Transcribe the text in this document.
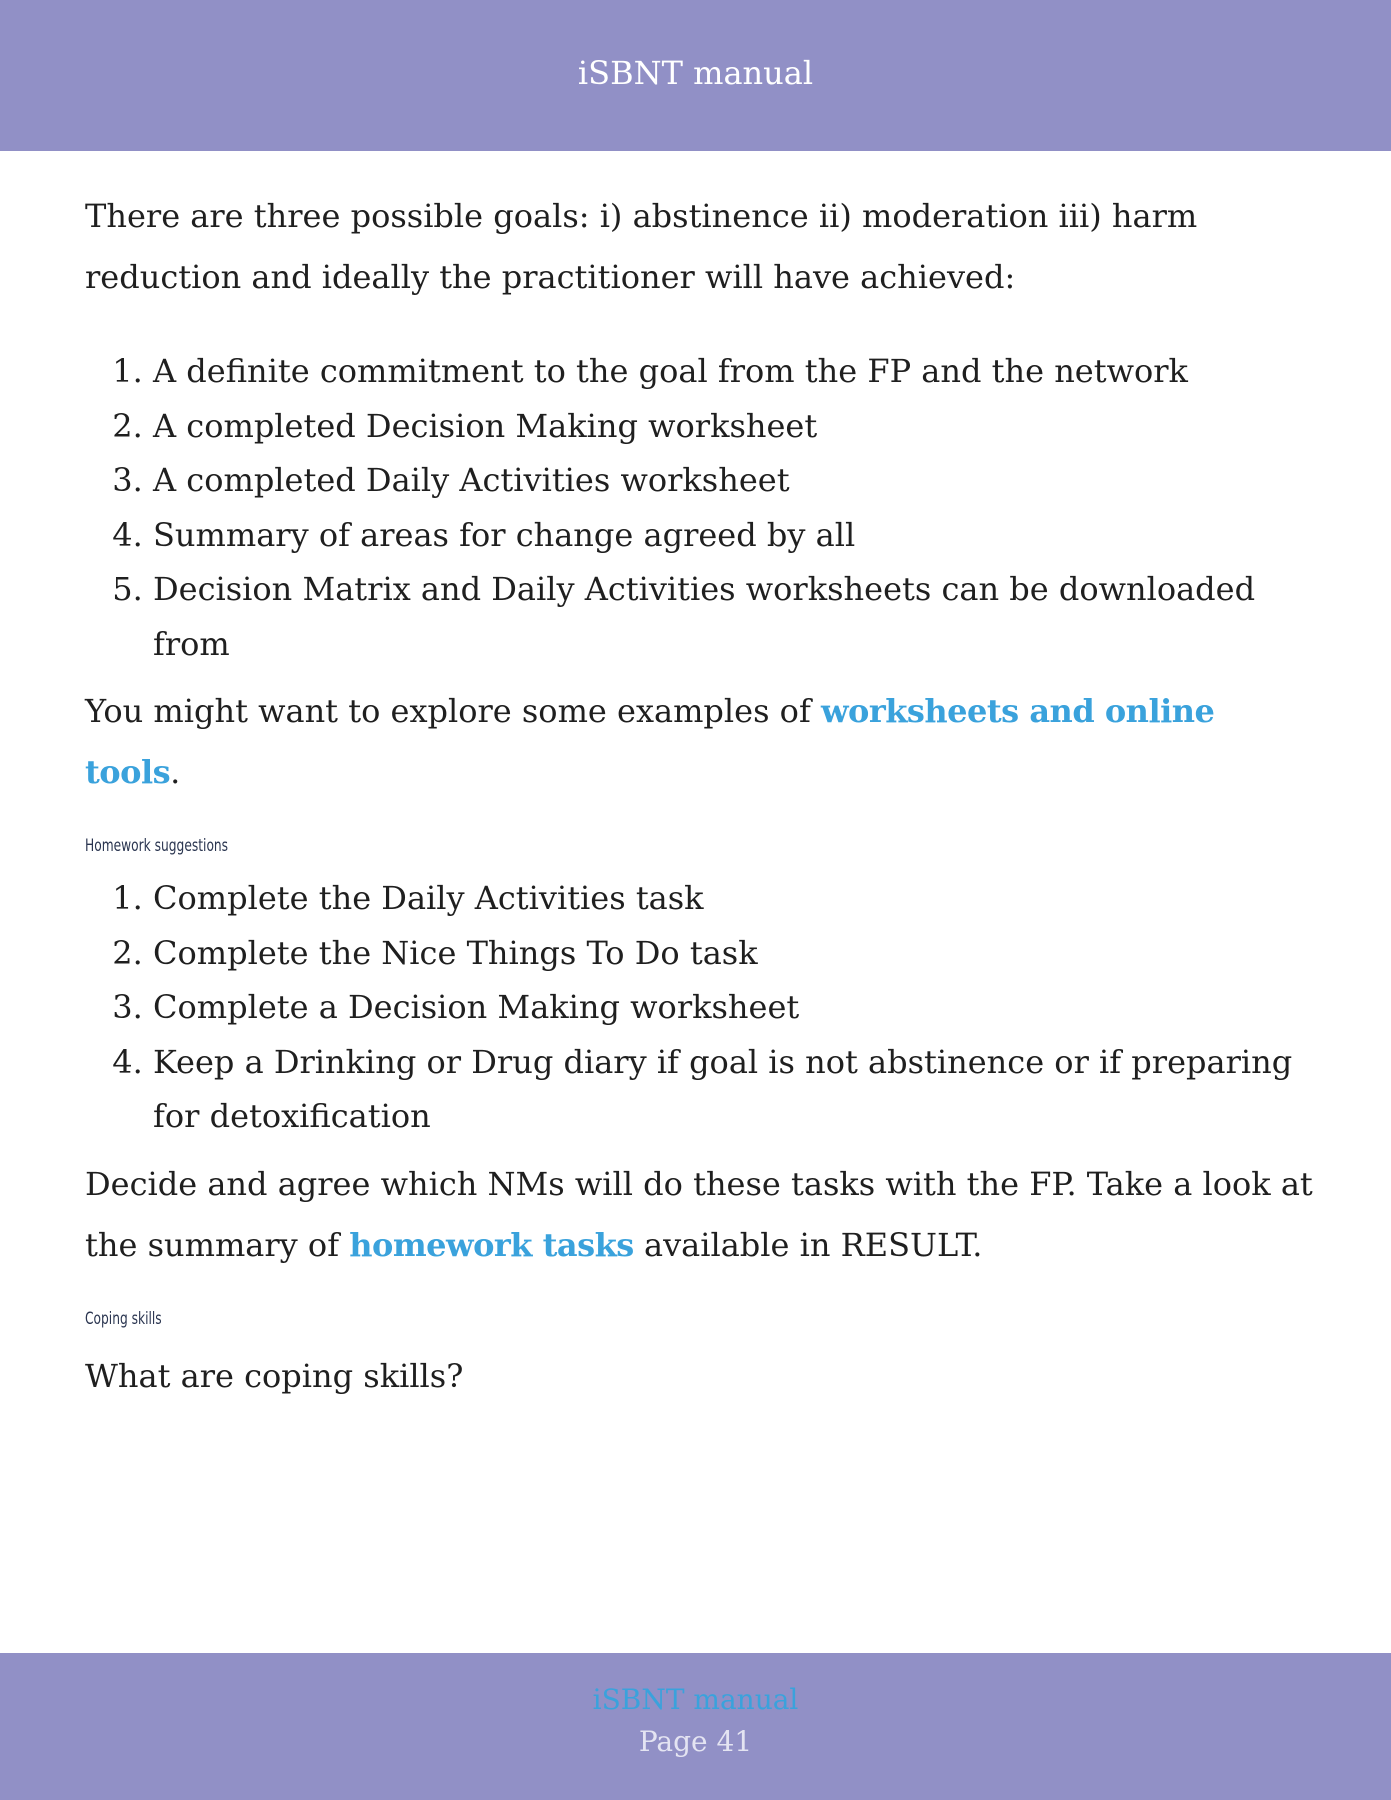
iSBNT manual

There are three possible goals: i) abstinence ii) moderation iii) harm reduction and ideally the practitioner will have achieved:

1. A definite commitment to the goal from the FP and the network
2. A completed Decision Making worksheet
3. A completed Daily Activities worksheet
4. Summary of areas for change agreed by all
5. Decision Matrix and Daily Activities worksheets can be downloaded from

You might want to explore some examples of worksheets and online tools.

Homework suggestions
1. Complete the Daily Activities task
2. Complete the Nice Things To Do task
3. Complete a Decision Making worksheet
4. Keep a Drinking or Drug diary if goal is not abstinence or if preparing for detoxification

Decide and agree which NMs will do these tasks with the FP. Take a look at the summary of homework tasks available in RESULT.

Coping skills

What are coping skills?

iSBNT manual
Page 41
